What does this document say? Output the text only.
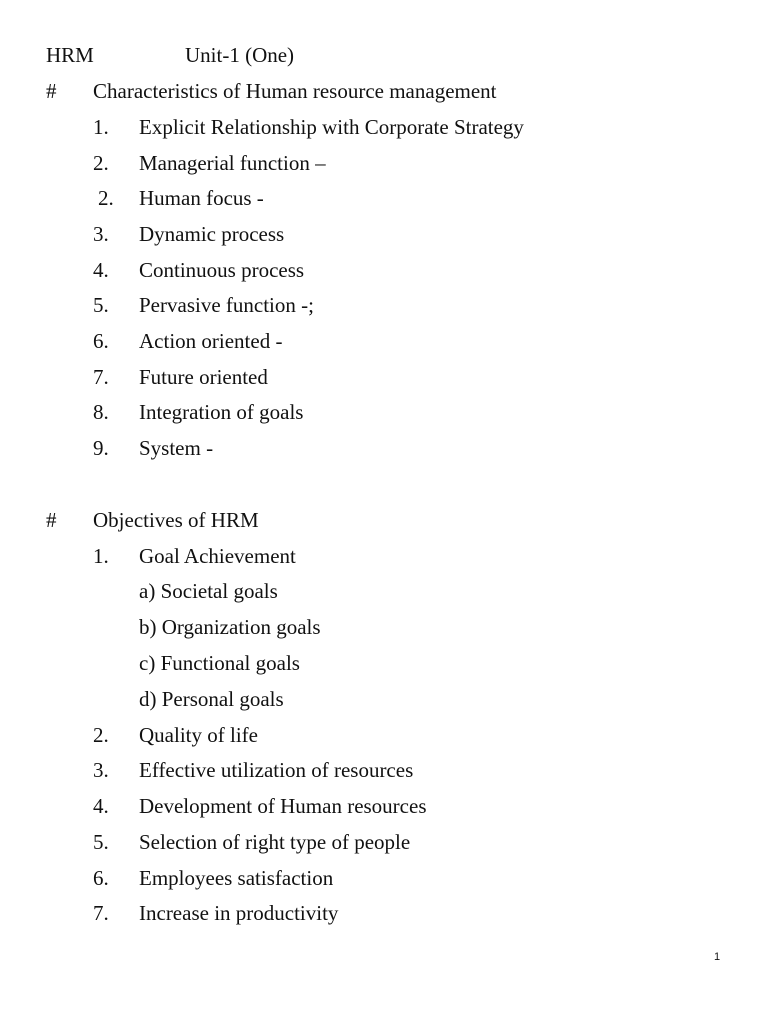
HRM	Unit-1 (One)
# Characteristics of Human resource management
1. Explicit Relationship with Corporate Strategy
2. Managerial function –
2. Human focus -
3. Dynamic process
4. Continuous process
5. Pervasive function -;
6. Action oriented -
7. Future oriented
8. Integration of goals
9. System -
# Objectives of HRM
1. Goal Achievement
a) Societal goals
b) Organization goals
c) Functional goals
d) Personal goals
2. Quality of life
3. Effective utilization of resources
4. Development of Human resources
5. Selection of right type of people
6. Employees satisfaction
7. Increase in productivity
1
